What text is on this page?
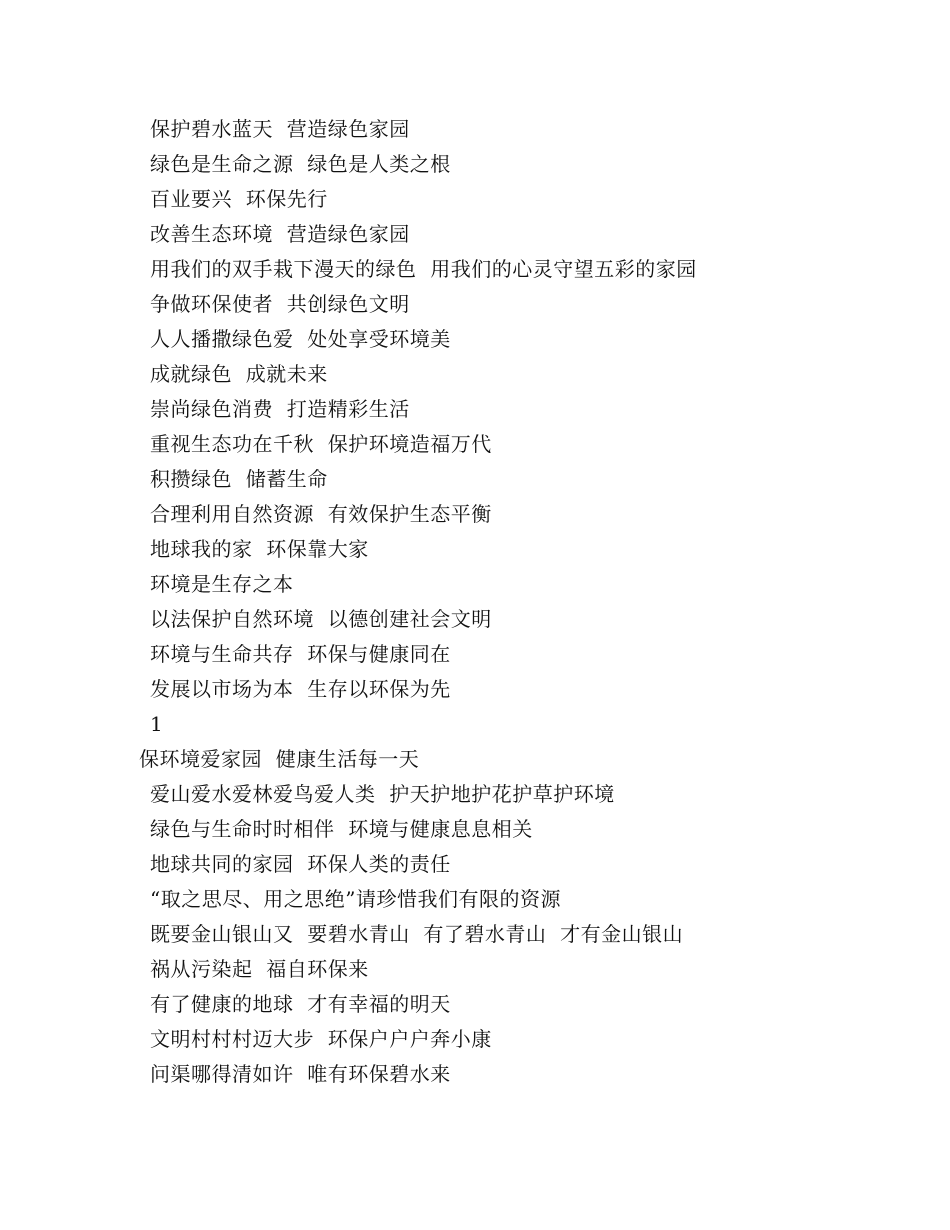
保护碧水蓝天  营造绿色家园
绿色是生命之源  绿色是人类之根
百业要兴  环保先行
改善生态环境  营造绿色家园
用我们的双手栽下漫天的绿色  用我们的心灵守望五彩的家园
争做环保使者  共创绿色文明
人人播撒绿色爱  处处享受环境美
成就绿色  成就未来
崇尚绿色消费  打造精彩生活
重视生态功在千秋  保护环境造福万代
积攒绿色  储蓄生命
合理利用自然资源  有效保护生态平衡
地球我的家  环保靠大家
环境是生存之本
以法保护自然环境  以德创建社会文明
环境与生命共存  环保与健康同在
发展以市场为本  生存以环保为先
1
保环境爱家园  健康生活每一天
爱山爱水爱林爱鸟爱人类  护天护地护花护草护环境
绿色与生命时时相伴  环境与健康息息相关
地球共同的家园  环保人类的责任
“取之思尽、用之思绝”请珍惜我们有限的资源
既要金山银山又  要碧水青山  有了碧水青山  才有金山银山
祸从污染起  福自环保来
有了健康的地球  才有幸福的明天
文明村村村迈大步  环保户户户奔小康
问渠哪得清如许  唯有环保碧水来
